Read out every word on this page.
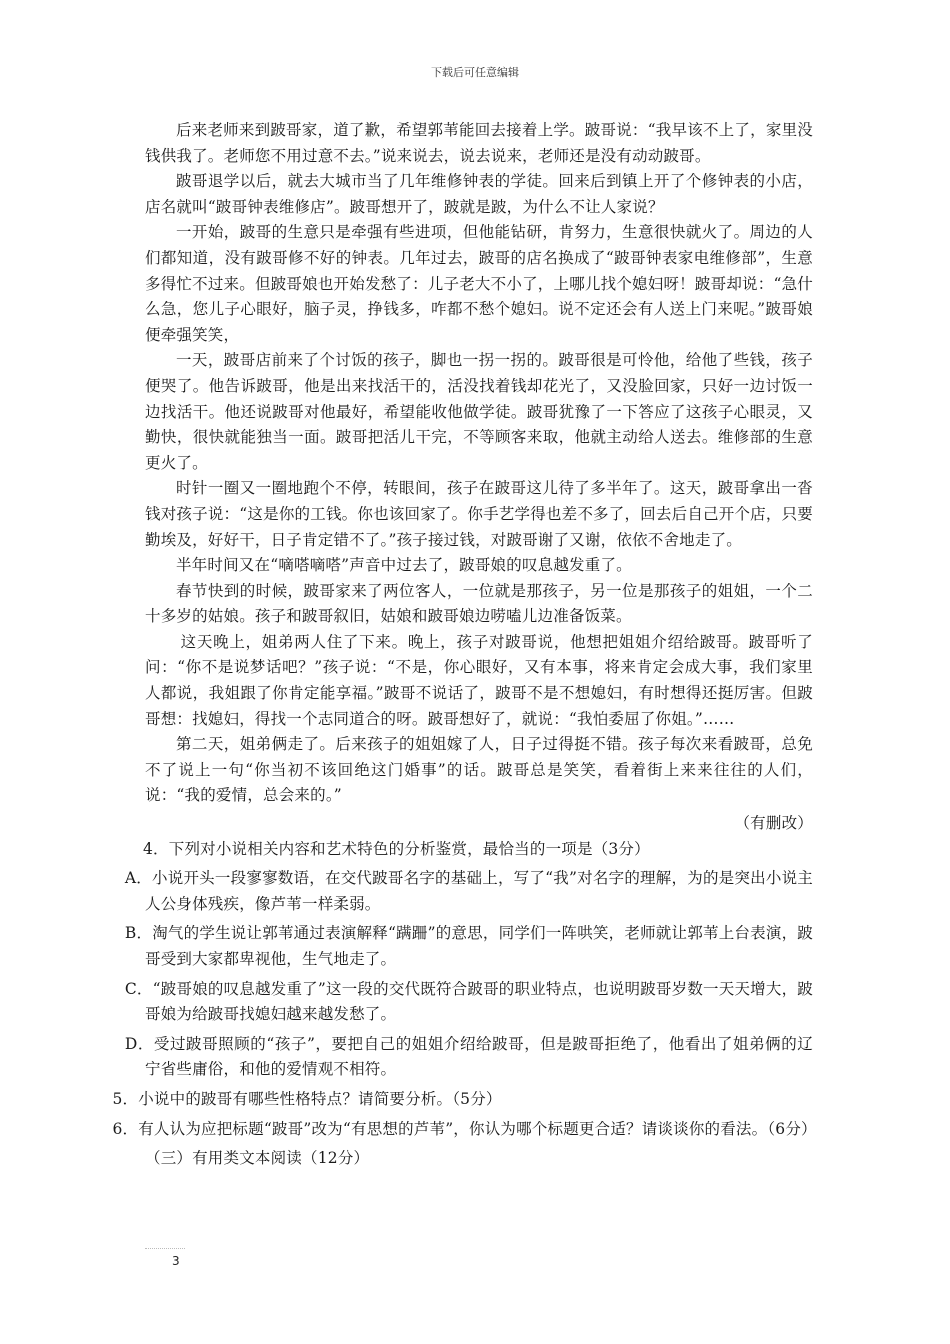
下载后可任意编辑

后来老师来到跛哥家，道了歉，希望郭苇能回去接着上学。跛哥说：“我早该不上了，家里没钱供我了。老师您不用过意不去。”说来说去，说去说来，老师还是没有动动跛哥。

跛哥退学以后，就去大城市当了几年维修钟表的学徒。回来后到镇上开了个修钟表的小店，店名就叫“跛哥钟表维修店”。跛哥想开了，跛就是跛，为什么不让人家说？

一开始，跛哥的生意只是牵强有些进项，但他能钻研，肯努力，生意很快就火了。周边的人们都知道，没有跛哥修不好的钟表。几年过去，跛哥的店名换成了“跛哥钟表家电维修部”，生意多得忙不过来。但跛哥娘也开始发愁了：儿子老大不小了，上哪儿找个媳妇呀！跛哥却说：“急什么急，您儿子心眼好，脑子灵，挣钱多，咋都不愁个媳妇。说不定还会有人送上门来呢。”跛哥娘便牵强笑笑，

一天，跛哥店前来了个讨饭的孩子，脚也一拐一拐的。跛哥很是可怜他，给他了些钱，孩子便哭了。他告诉跛哥，他是出来找活干的，活没找着钱却花光了，又没脸回家，只好一边讨饭一边找活干。他还说跛哥对他最好，希望能收他做学徒。跛哥犹豫了一下答应了这孩子心眼灵，又勤快，很快就能独当一面。跛哥把活儿干完，不等顾客来取，他就主动给人送去。维修部的生意更火了。

时针一圈又一圈地跑个不停，转眼间，孩子在跛哥这儿待了多半年了。这天，跛哥拿出一沓钱对孩子说：“这是你的工钱。你也该回家了。你手艺学得也差不多了，回去后自己开个店，只要勤埃及，好好干，日子肯定错不了。”孩子接过钱，对跛哥谢了又谢，依依不舍地走了。

半年时间又在“嘀嗒嘀嗒”声音中过去了，跛哥娘的叹息越发重了。

春节快到的时候，跛哥家来了两位客人，一位就是那孩子，另一位是那孩子的姐姐，一个二十多岁的姑娘。孩子和跛哥叙旧，姑娘和跛哥娘边唠嗑儿边准备饭菜。

这天晚上，姐弟两人住了下来。晚上，孩子对跛哥说，他想把姐姐介绍给跛哥。跛哥听了问：“你不是说梦话吧？”孩子说：“不是，你心眼好，又有本事，将来肯定会成大事，我们家里人都说，我姐跟了你肯定能享福。”跛哥不说话了，跛哥不是不想媳妇，有时想得还挺厉害。但跛哥想：找媳妇，得找一个志同道合的呀。跛哥想好了，就说：“我怕委屈了你姐。”……

第二天，姐弟俩走了。后来孩子的姐姐嫁了人，日子过得挺不错。孩子每次来看跛哥，总免不了说上一句“你当初不该回绝这门婚事”的话。跛哥总是笑笑，看着街上来来往往的人们，说：“我的爱情，总会来的。”

（有删改）

4．下列对小说相关内容和艺术特色的分析鉴赏，最恰当的一项是（3分）

A．小说开头一段寥寥数语，在交代跛哥名字的基础上，写了“我”对名字的理解，为的是突出小说主人公身体残疾，像芦苇一样柔弱。

B．淘气的学生说让郭苇通过表演解释“蹒跚”的意思，同学们一阵哄笑，老师就让郭苇上台表演，跛哥受到大家都卑视他，生气地走了。

C．“跛哥娘的叹息越发重了”这一段的交代既符合跛哥的职业特点，也说明跛哥岁数一天天增大，跛哥娘为给跛哥找媳妇越来越发愁了。

D．受过跛哥照顾的“孩子”，要把自己的姐姐介绍给跛哥，但是跛哥拒绝了，他看出了姐弟俩的辽宁省些庸俗，和他的爱情观不相符。

5．小说中的跛哥有哪些性格特点？请简要分析。（5分）

6．有人认为应把标题“跛哥”改为“有思想的芦苇”，你认为哪个标题更合适？请谈谈你的看法。（6分）

（三）有用类文本阅读（12分）

3
